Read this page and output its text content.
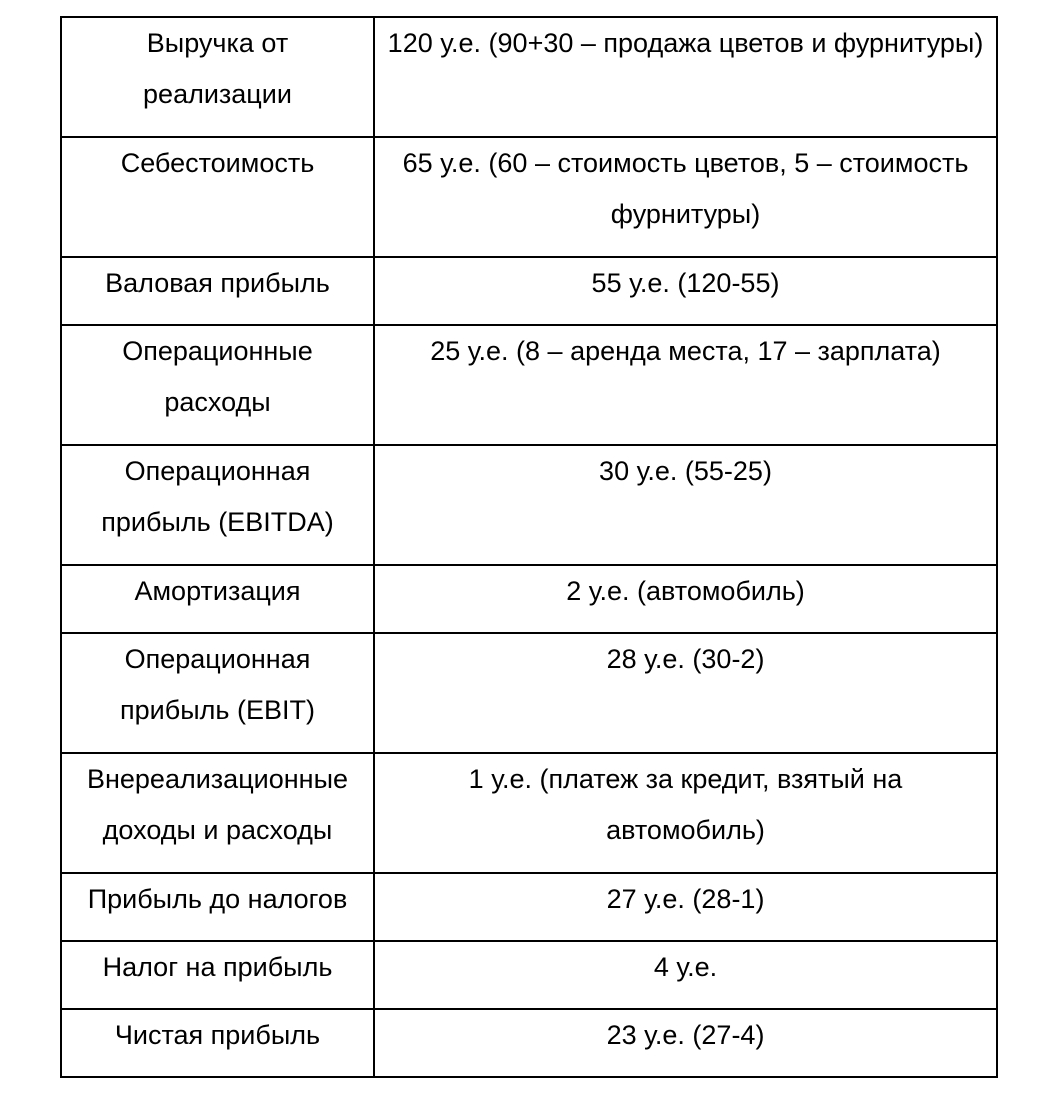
Выручка от реализации	120 у.е. (90+30 – продажа цветов и фурнитуры)

Себестоимость	65 у.е. (60 – стоимость цветов, 5 – стоимость фурнитуры)

Валовая прибыль	55 у.е. (120-55)

Операционные расходы	25 у.е. (8 – аренда места, 17 – зарплата)

Операционная прибыль (EBITDA)	30 у.е. (55-25)

Амортизация	2 у.е. (автомобиль)

Операционная прибыль (EBIT)	28 у.е. (30-2)

Внереализационные доходы и расходы	1 у.е. (платеж за кредит, взятый на автомобиль)

Прибыль до налогов	27 у.е. (28-1)

Налог на прибыль	4 у.е.

Чистая прибыль	23 у.е. (27-4)
